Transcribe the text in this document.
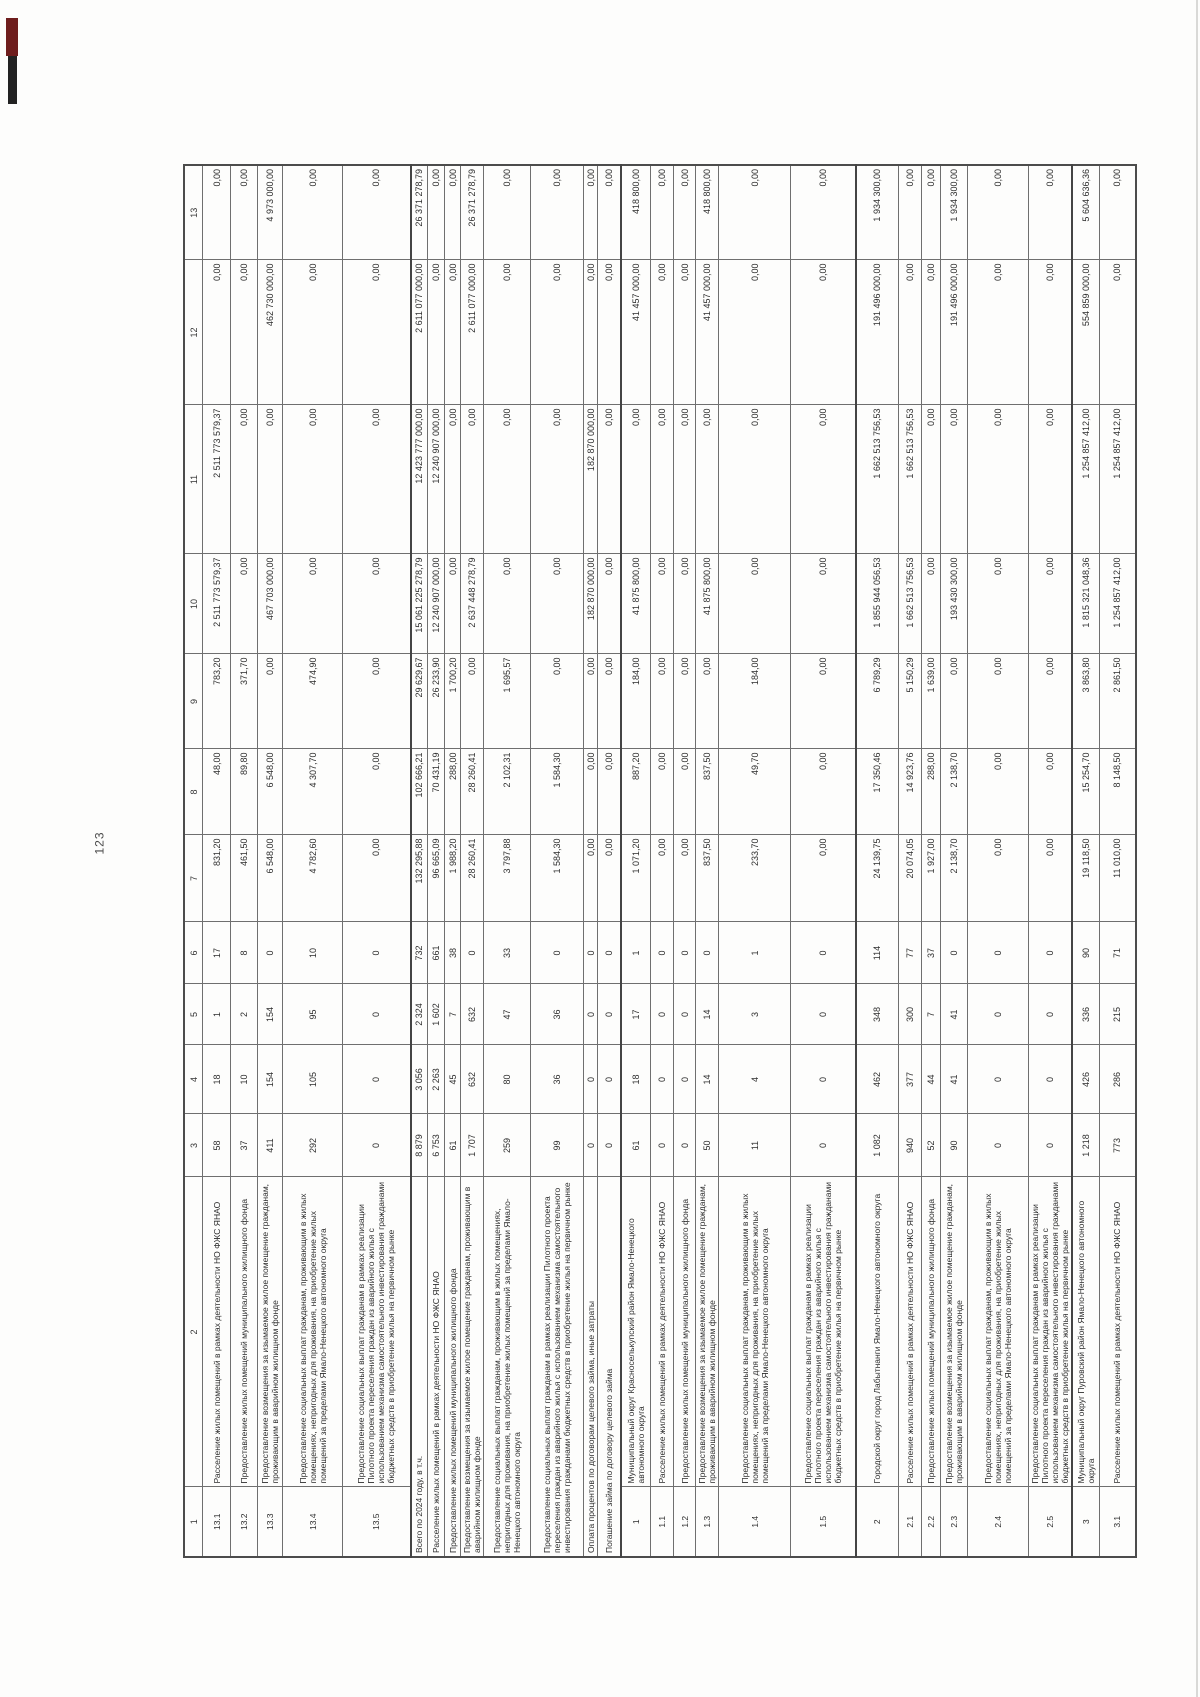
123
1	2	3	4	5	6	7	8	9	10	11	12	13
13.1	Расселение жилых помещений в рамках деятельности НО ФЖС ЯНАО	58	18	1	17	831,20	48,00	783,20	2 511 773 579,37	2 511 773 579,37	0,00	0,00
13.2	Предоставление жилых помещений муниципального жилищного фонда	37	10	2	8	461,50	89,80	371,70	0,00	0,00	0,00	0,00
13.3	Предоставление возмещения за изымаемое жилое помещение гражданам, проживающим в аварийном жилищном фонде	411	154	154	0	6 548,00	6 548,00	0,00	467 703 000,00	0,00	462 730 000,00	4 973 000,00
13.4	Предоставление социальных выплат гражданам, проживающим в жилых помещениях, непригодных для проживания, на приобретение жилых помещений за пределами Ямало-Ненецкого автономного округа	292	105	95	10	4 782,60	4 307,70	474,90	0,00	0,00	0,00	0,00
13.5	Предоставление социальных выплат гражданам в рамках реализации Пилотного проекта переселения граждан из аварийного жилья с использованием механизма самостоятельного инвестирования гражданами бюджетных средств в приобретение жилья на первичном рынке	0	0	0	0	0,00	0,00	0,00	0,00	0,00	0,00	0,00
Всего по 2024 году, в т.ч.		8 879	3 056	2 324	732	132 295,88	102 666,21	29 629,67	15 061 225 278,79	12 423 777 000,00	2 611 077 000,00	26 371 278,79
Расселение жилых помещений в рамках деятельности НО ФЖС ЯНАО		6 753	2 263	1 602	661	96 665,09	70 431,19	26 233,90	12 240 907 000,00	12 240 907 000,00	0,00	0,00
Предоставление жилых помещений муниципального жилищного фонда		61	45	7	38	1 988,20	288,00	1 700,20	0,00	0,00	0,00	0,00
Предоставление возмещения за изымаемое жилое помещение гражданам, проживающим в аварийном жилищном фонде		1 707	632	632	0	28 260,41	28 260,41	0,00	2 637 448 278,79	0,00	2 611 077 000,00	26 371 278,79
Предоставление социальных выплат гражданам, проживающим в жилых помещениях, непригодных для проживания, на приобретение жилых помещений за пределами Ямало-Ненецкого автономного округа		259	80	47	33	3 797,88	2 102,31	1 695,57	0,00	0,00	0,00	0,00
Предоставление социальных выплат гражданам в рамках реализации Пилотного проекта переселения граждан из аварийного жилья с использованием механизма самостоятельного инвестирования гражданами бюджетных средств в приобретение жилья на первичном рынке		99	36	36	0	1 584,30	1 584,30	0,00	0,00	0,00	0,00	0,00
Оплата процентов по договорам целевого займа, иные затраты		0	0	0	0	0,00	0,00	0,00	182 870 000,00	182 870 000,00	0,00	0,00
Погашение займа по договору целевого займа		0	0	0	0	0,00	0,00	0,00	0,00	0,00	0,00	0,00
1	Муниципальный округ Красноселькупский район Ямало-Ненецкого автономного округа	61	18	17	1	1 071,20	887,20	184,00	41 875 800,00	0,00	41 457 000,00	418 800,00
1.1	Расселение жилых помещений в рамках деятельности НО ФЖС ЯНАО	0	0	0	0	0,00	0,00	0,00	0,00	0,00	0,00	0,00
1.2	Предоставление жилых помещений муниципального жилищного фонда	0	0	0	0	0,00	0,00	0,00	0,00	0,00	0,00	0,00
1.3	Предоставление возмещения за изымаемое жилое помещение гражданам, проживающим в аварийном жилищном фонде	50	14	14	0	837,50	837,50	0,00	41 875 800,00	0,00	41 457 000,00	418 800,00
1.4	Предоставление социальных выплат гражданам, проживающим в жилых помещениях, непригодных для проживания, на приобретение жилых помещений за пределами Ямало-Ненецкого автономного округа	11	4	3	1	233,70	49,70	184,00	0,00	0,00	0,00	0,00
1.5	Предоставление социальных выплат гражданам в рамках реализации Пилотного проекта переселения граждан из аварийного жилья с использованием механизма самостоятельного инвестирования гражданами бюджетных средств в приобретение жилья на первичном рынке	0	0	0	0	0,00	0,00	0,00	0,00	0,00	0,00	0,00
2	Городской округ город Лабытнанги Ямало-Ненецкого автономного округа	1 082	462	348	114	24 139,75	17 350,46	6 789,29	1 855 944 056,53	1 662 513 756,53	191 496 000,00	1 934 300,00
2.1	Расселение жилых помещений в рамках деятельности НО ФЖС ЯНАО	940	377	300	77	20 074,05	14 923,76	5 150,29	1 662 513 756,53	1 662 513 756,53	0,00	0,00
2.2	Предоставление жилых помещений муниципального жилищного фонда	52	44	7	37	1 927,00	288,00	1 639,00	0,00	0,00	0,00	0,00
2.3	Предоставление возмещения за изымаемое жилое помещение гражданам, проживающим в аварийном жилищном фонде	90	41	41	0	2 138,70	2 138,70	0,00	193 430 300,00	0,00	191 496 000,00	1 934 300,00
2.4	Предоставление социальных выплат гражданам, проживающим в жилых помещениях, непригодных для проживания, на приобретение жилых помещений за пределами Ямало-Ненецкого автономного округа	0	0	0	0	0,00	0,00	0,00	0,00	0,00	0,00	0,00
2.5	Предоставление социальных выплат гражданам в рамках реализации Пилотного проекта переселения граждан из аварийного жилья с использованием механизма самостоятельного инвестирования гражданами бюджетных средств в приобретение жилья на первичном рынке	0	0	0	0	0,00	0,00	0,00	0,00	0,00	0,00	0,00
3	Муниципальный округ Пуровский район Ямало-Ненецкого автономного округа	1 218	426	336	90	19 118,50	15 254,70	3 863,80	1 815 321 048,36	1 254 857 412,00	554 859 000,00	5 604 636,36
3.1	Расселение жилых помещений в рамках деятельности НО ФЖС ЯНАО	773	286	215	71	11 010,00	8 148,50	2 861,50	1 254 857 412,00	1 254 857 412,00	0,00	0,00
